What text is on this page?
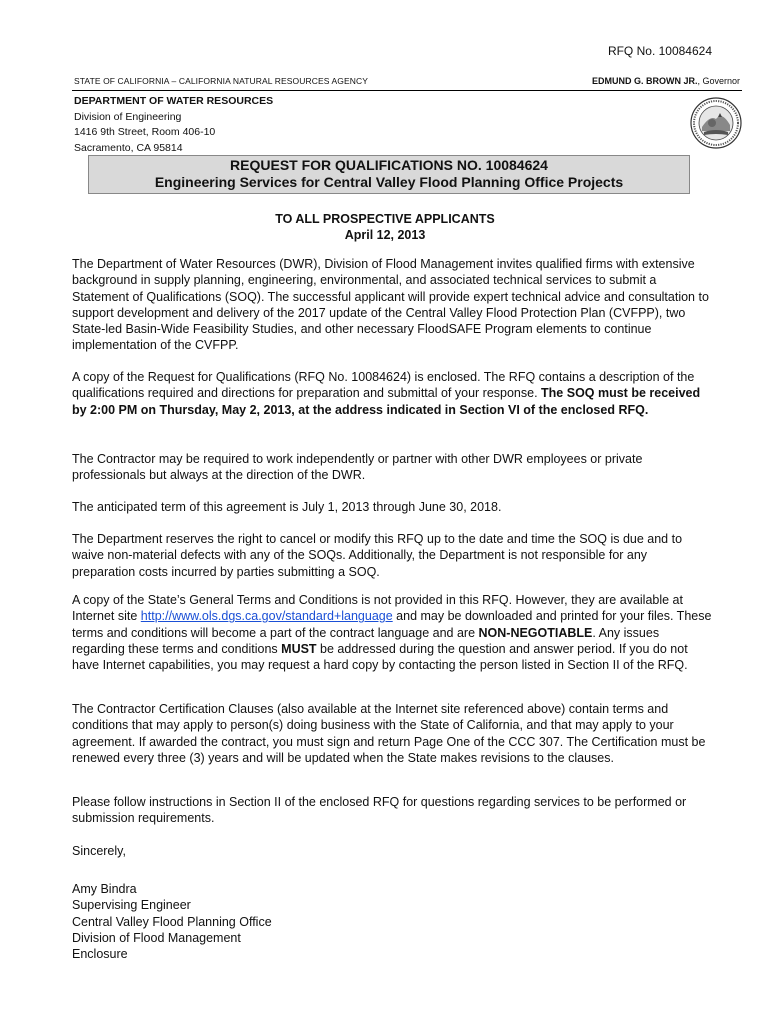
RFQ No. 10084624
STATE OF CALIFORNIA – CALIFORNIA NATURAL RESOURCES AGENCY	EDMUND G. BROWN JR., Governor
DEPARTMENT OF WATER RESOURCES
Division of Engineering
1416 9th Street, Room 406-10
Sacramento, CA 95814
REQUEST FOR QUALIFICATIONS NO. 10084624
Engineering Services for Central Valley Flood Planning Office Projects
TO ALL PROSPECTIVE APPLICANTS
April 12, 2013

The Department of Water Resources (DWR), Division of Flood Management invites qualified firms with extensive background in supply planning, engineering, environmental, and associated technical services to submit a Statement of Qualifications (SOQ). The successful applicant will provide expert technical advice and consultation to support development and delivery of the 2017 update of the Central Valley Flood Protection Plan (CVFPP), two State-led Basin-Wide Feasibility Studies, and other necessary FloodSAFE Program elements to continue implementation of the CVFPP.

A copy of the Request for Qualifications (RFQ No. 10084624) is enclosed. The RFQ contains a description of the qualifications required and directions for preparation and submittal of your response. The SOQ must be received by 2:00 PM on Thursday, May 2, 2013, at the address indicated in Section VI of the enclosed RFQ.

The Contractor may be required to work independently or partner with other DWR employees or private professionals but always at the direction of the DWR.

The anticipated term of this agreement is July 1, 2013 through June 30, 2018.

The Department reserves the right to cancel or modify this RFQ up to the date and time the SOQ is due and to waive non-material defects with any of the SOQs. Additionally, the Department is not responsible for any preparation costs incurred by parties submitting a SOQ.

A copy of the State’s General Terms and Conditions is not provided in this RFQ. However, they are available at Internet site http://www.ols.dgs.ca.gov/standard+language and may be downloaded and printed for your files. These terms and conditions will become a part of the contract language and are NON-NEGOTIABLE. Any issues regarding these terms and conditions MUST be addressed during the question and answer period. If you do not have Internet capabilities, you may request a hard copy by contacting the person listed in Section II of the RFQ.

The Contractor Certification Clauses (also available at the Internet site referenced above) contain terms and conditions that may apply to person(s) doing business with the State of California, and that may apply to your agreement. If awarded the contract, you must sign and return Page One of the CCC 307. The Certification must be renewed every three (3) years and will be updated when the State makes revisions to the clauses.

Please follow instructions in Section II of the enclosed RFQ for questions regarding services to be performed or submission requirements.

Sincerely,
Amy Bindra
Supervising Engineer
Central Valley Flood Planning Office
Division of Flood Management
Enclosure
